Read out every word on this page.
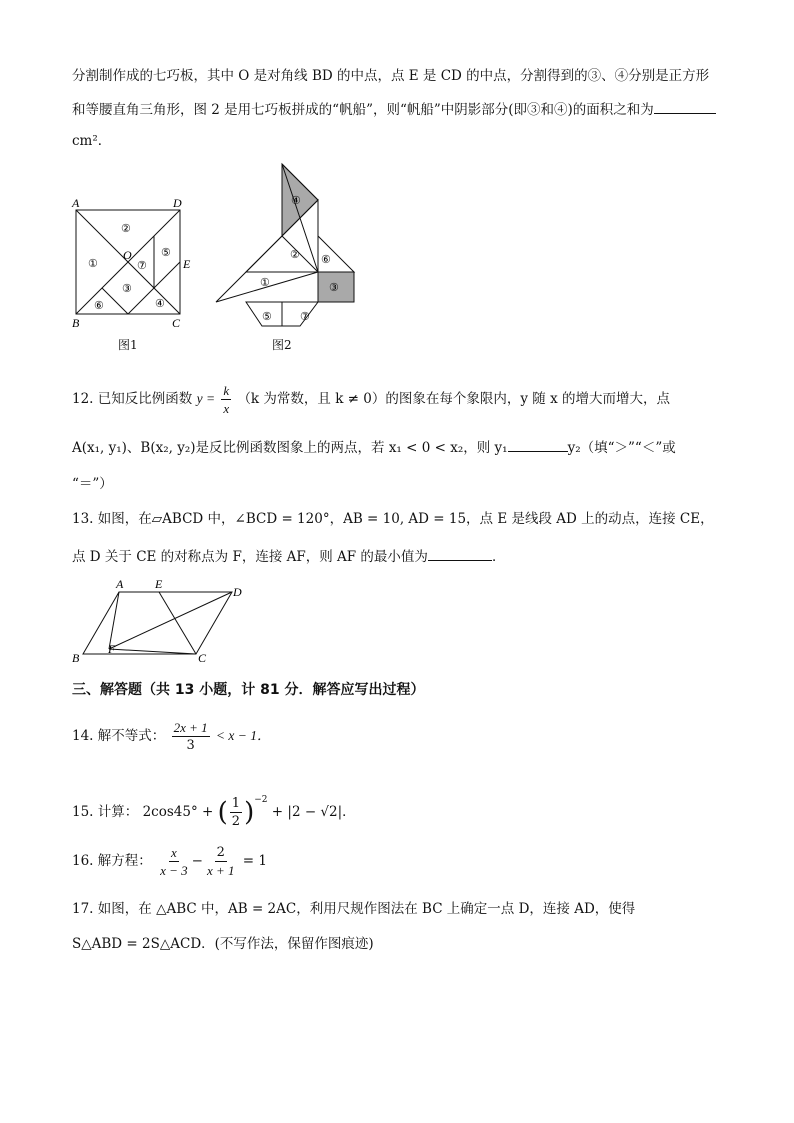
分割制作成的七巧板，其中 O 是对角线 BD 的中点，点 E 是 CD 的中点，分割得到的③、④分别是正方形
和等腰直角三角形，图 2 是用七巧板拼成的“帆船”，则“帆船”中阴影部分(即③和④)的面积之和为
cm²．
A	D
B	C
O
E
①
②
③
④
⑤
⑥
⑦
图1
④
②
①
⑥
③
⑤	⑦
图2
12. 已知反比例函数 $y = \frac{k}{x} (k$ 为常数，且 k ≠ 0）的图象在每个象限内，y 随 x 的增大而增大，点
A(x₁, y₁)、B(x₂, y₂)是反比例函数图象上的两点，若 x₁ < 0 < x₂，则 y₁	y₂（填“＞”“＜”或
“＝”）
13. 如图，在▱ABCD 中，∠BCD = 120°，AB = 10, AD = 15，点 E 是线段 AD 上的动点，连接 CE，
点 D 关于 CE 的对称点为 F，连接 AF，则 AF 的最小值为	．
A	E
D
B
F
C
三、解答题（共 13 小题，计 81 分．解答应写出过程）
14. 解不等式： $\frac{2x + 1}{3} < x - 1$．
15. 计算： 2cos45° + ( $\frac{1}{2} )^{-2} + |2 - √2|$．
16. 解方程： $\frac{x}{x - 3} - \frac{2}{x + 1} = 1$
17. 如图，在 △ABC 中，AB = 2AC，利用尺规作图法在 BC 上确定一点 D，连接 AD，使得
S△ABD = 2S△ACD．(不写作法，保留作图痕迹)
